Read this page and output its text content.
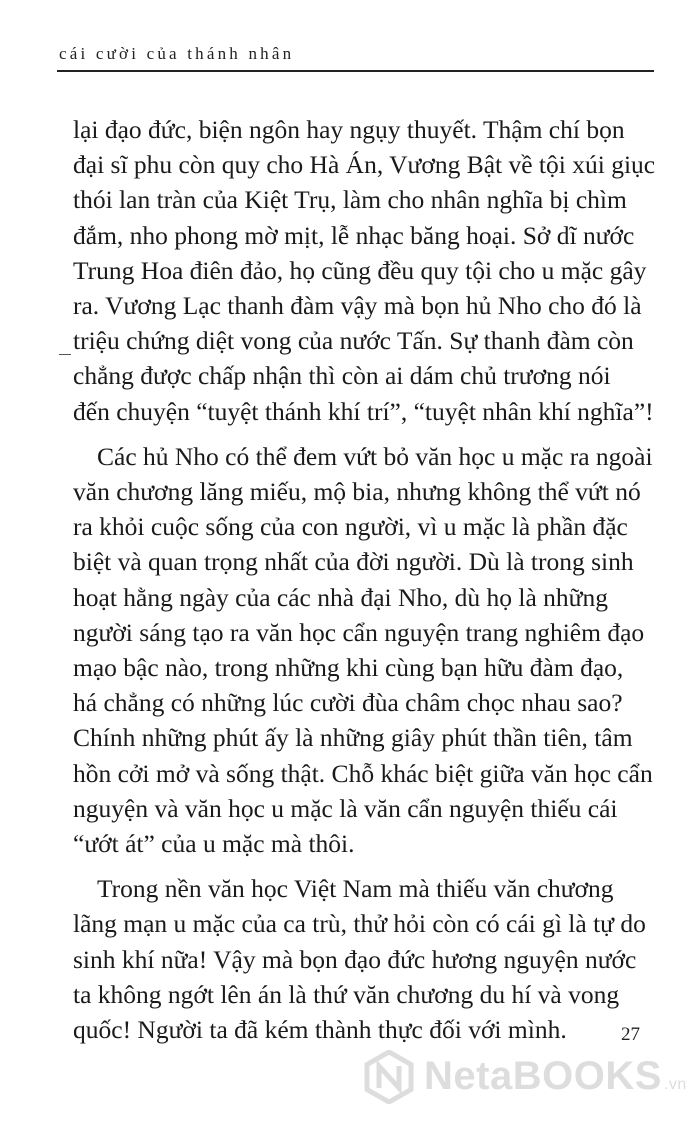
cái cười của thánh nhân

lại đạo đức, biện ngôn hay ngụy thuyết. Thậm chí bọn
đại sĩ phu còn quy cho Hà Án, Vương Bật về tội xúi giục
thói lan tràn của Kiệt Trụ, làm cho nhân nghĩa bị chìm
đắm, nho phong mờ mịt, lễ nhạc băng hoại. Sở dĩ nước
Trung Hoa điên đảo, họ cũng đều quy tội cho u mặc gây
ra. Vương Lạc thanh đàm vậy mà bọn hủ Nho cho đó là
triệu chứng diệt vong của nước Tấn. Sự thanh đàm còn
chẳng được chấp nhận thì còn ai dám chủ trương nói
đến chuyện “tuyệt thánh khí trí”, “tuyệt nhân khí nghĩa”!

Các hủ Nho có thể đem vứt bỏ văn học u mặc ra ngoài
văn chương lăng miếu, mộ bia, nhưng không thể vứt nó
ra khỏi cuộc sống của con người, vì u mặc là phần đặc
biệt và quan trọng nhất của đời người. Dù là trong sinh
hoạt hằng ngày của các nhà đại Nho, dù họ là những
người sáng tạo ra văn học cẩn nguyện trang nghiêm đạo
mạo bậc nào, trong những khi cùng bạn hữu đàm đạo,
há chẳng có những lúc cười đùa châm chọc nhau sao?
Chính những phút ấy là những giây phút thần tiên, tâm
hồn cởi mở và sống thật. Chỗ khác biệt giữa văn học cẩn
nguyện và văn học u mặc là văn cẩn nguyện thiếu cái
“ướt át” của u mặc mà thôi.

Trong nền văn học Việt Nam mà thiếu văn chương
lãng mạn u mặc của ca trù, thử hỏi còn có cái gì là tự do
sinh khí nữa! Vậy mà bọn đạo đức hương nguyện nước
ta không ngớt lên án là thứ văn chương du hí và vong
quốc! Người ta đã kém thành thực đối với mình.	27
NetaBOOKS .vn
